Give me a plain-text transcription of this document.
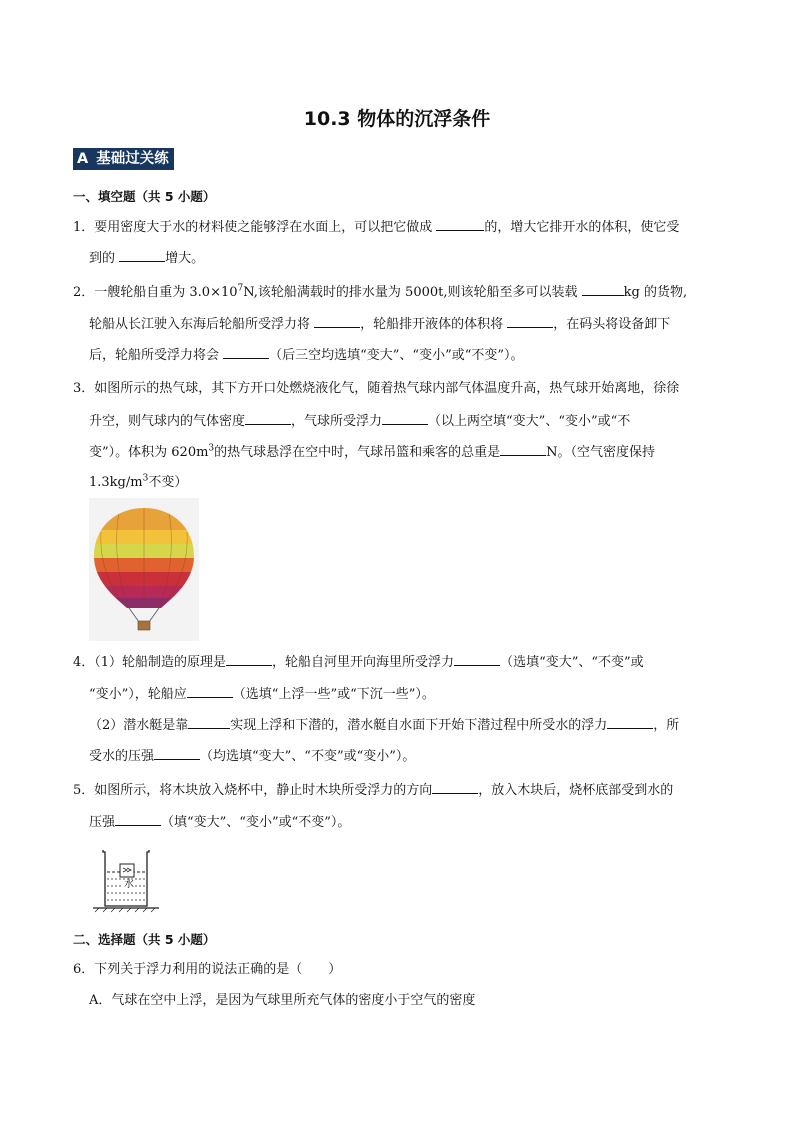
10.3 物体的沉浮条件
A 基础过关练
一、填空题（共 5 小题）
1．要用密度大于水的材料使之能够浮在水面上，可以把它做成	的，增大它排开水的体积，使它受
到的	增大。
2．一艘轮船自重为 $3.0\times 10^7N$,该轮船满载时的排水量为 5000t,则该轮船至多可以装载	kg 的货物,
轮船从长江驶入东海后轮船所受浮力将	，轮船排开液体的体积将	，在码头将设备卸下
后，轮船所受浮力将会	（后三空均选填“变大”、“变小”或“不变”）。
3．如图所示的热气球，其下方开口处燃烧液化气，随着热气球内部气体温度升高，热气球开始离地，徐徐
升空，则气球内的气体密度	，气球所受浮力	（以上两空填“变大”、“变小”或“不
变”）。体积为 $620m^3$的热气球悬浮在空中时，气球吊篮和乘客的总重是	N。（空气密度保持
$1.3kg/m^3$不变）
4．（1）轮船制造的原理是	，轮船自河里开向海里所受浮力	（选填“变大”、“不变”或
“变小”），轮船应	（选填“上浮一些”或“下沉一些”）。
（2）潜水艇是靠	实现上浮和下潜的，潜水艇自水面下开始下潜过程中所受水的浮力	，所
受水的压强	（均选填“变大”、“不变”或“变小”）。
5．如图所示，将木块放入烧杯中，静止时木块所受浮力的方向	，放入木块后，烧杯底部受到水的
压强	（填“变大”、“变小”或“不变”）。
水
二、选择题（共 5 小题）
6．下列关于浮力利用的说法正确的是（　　）
A．气球在空中上浮，是因为气球里所充气体的密度小于空气的密度
